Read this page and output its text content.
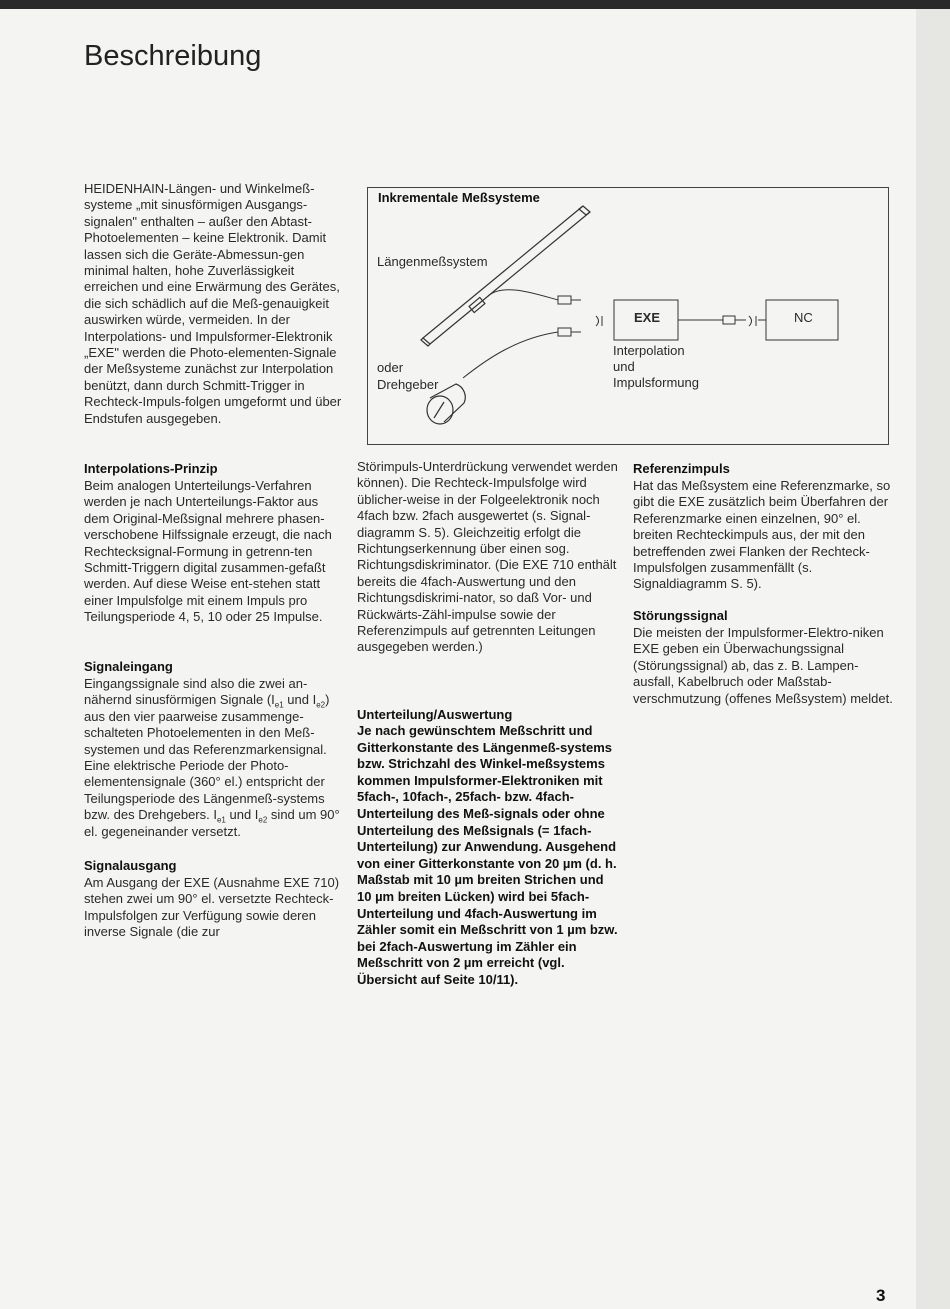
Beschreibung

HEIDENHAIN-Längen- und Winkelmeß-systeme „mit sinusförmigen Ausgangs-signalen" enthalten – außer den Abtast-Photoelementen – keine Elektronik. Damit lassen sich die Geräte-Abmessun-gen minimal halten, hohe Zuverlässigkeit erreichen und eine Erwärmung des Gerätes, die sich schädlich auf die Meß-genauigkeit auswirken würde, vermeiden. In der Interpolations- und Impulsformer-Elektronik „EXE" werden die Photo-elementen-Signale der Meßsysteme zunächst zur Interpolation benützt, dann durch Schmitt-Trigger in Rechteck-Impuls-folgen umgeformt und über Endstufen ausgegeben.

Inkrementale Meßsysteme

Längenmeßsystem

oder

Drehgeber

EXE	NC

Interpolation

und

Impulsformung

Interpolations-Prinzip

Beim analogen Unterteilungs-Verfahren werden je nach Unterteilungs-Faktor aus dem Original-Meßsignal mehrere phasen-verschobene Hilfssignale erzeugt, die nach Rechtecksignal-Formung in getrenn-ten Schmitt-Triggern digital zusammen-gefaßt werden. Auf diese Weise ent-stehen statt einer Impulsfolge mit einem Impuls pro Teilungsperiode 4, 5, 10 oder 25 Impulse.

Signaleingang

Eingangssignale sind also die zwei an-nähernd sinusförmigen Signale ($I_{e1}$ und $I_{e2}$) aus den vier paarweise zusammenge-schalteten Photoelementen in den Meß-systemen und das Referenzmarkensignal. Eine elektrische Periode der Photo-elementensignale (360° el.) entspricht der Teilungsperiode des Längenmeß-systems bzw. des Drehgebers. $I_{e1}$ und $I_{e2}$ sind um 90° el. gegeneinander versetzt.

Signalausgang

Am Ausgang der EXE (Ausnahme EXE 710) stehen zwei um 90° el. versetzte Rechteck-Impulsfolgen zur Verfügung sowie deren inverse Signale (die zur

Störimpuls-Unterdrückung verwendet werden können). Die Rechteck-Impulsfolge wird üblicher-weise in der Folgeelektronik noch 4fach bzw. 2fach ausgewertet (s. Signal-diagramm S. 5). Gleichzeitig erfolgt die Richtungserkennung über einen sog. Richtungsdiskriminator. (Die EXE 710 enthält bereits die 4fach-Auswertung und den Richtungsdiskrimi-nator, so daß Vor- und Rückwärts-Zähl-impulse sowie der Referenzimpuls auf getrennten Leitungen ausgegeben werden.)

Unterteilung/Auswertung

Je nach gewünschtem Meßschritt und Gitterkonstante des Längenmeß-systems bzw. Strichzahl des Winkel-meßsystems kommen Impulsformer-Elektroniken mit 5fach-, 10fach-, 25fach- bzw. 4fach-Unterteilung des Meß-signals oder ohne Unterteilung des Meßsignals (= 1fach-Unterteilung) zur Anwendung. Ausgehend von einer Gitterkonstante von 20 µm (d. h. Maßstab mit 10 µm breiten Strichen und 10 µm breiten Lücken) wird bei 5fach-Unterteilung und 4fach-Auswertung im Zähler somit ein Meßschritt von 1 µm bzw. bei 2fach-Auswertung im Zähler ein Meßschritt von 2 µm erreicht (vgl. Übersicht auf Seite 10/11).

Referenzimpuls

Hat das Meßsystem eine Referenzmarke, so gibt die EXE zusätzlich beim Überfahren der Referenzmarke einen einzelnen, 90° el. breiten Rechteckimpuls aus, der mit den betreffenden zwei Flanken der Rechteck-Impulsfolgen zusammenfällt (s. Signaldiagramm S. 5).

Störungssignal

Die meisten der Impulsformer-Elektro-niken EXE geben ein Überwachungssignal (Störungssignal) ab, das z. B. Lampen-ausfall, Kabelbruch oder Maßstab-verschmutzung (offenes Meßsystem) meldet.

3
